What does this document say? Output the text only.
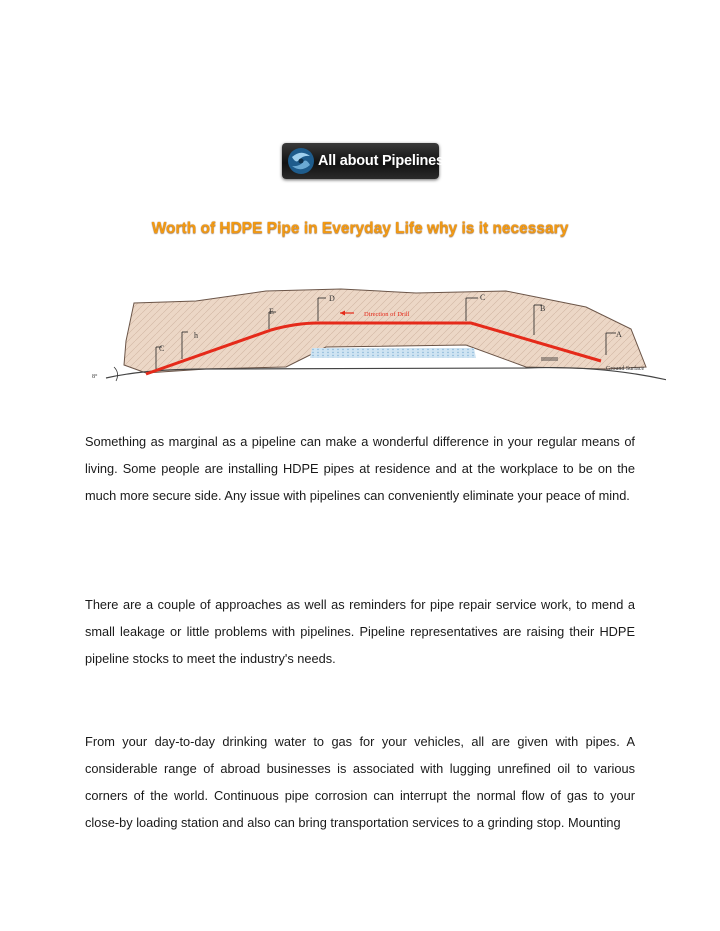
All about Pipelines
Worth of HDPE Pipe in Everyday Life why is it necessary
C
h
E
D
Direction of Drill
C
B
A
Ground Surface
8°

Something as marginal as a pipeline can make a wonderful difference in your regular means of living. Some people are installing HDPE pipes at residence and at the workplace to be on the much more secure side. Any issue with pipelines can conveniently eliminate your peace of mind.

There are a couple of approaches as well as reminders for pipe repair service work, to mend a small leakage or little problems with pipelines. Pipeline representatives are raising their HDPE pipeline stocks to meet the industry's needs.

From your day-to-day drinking water to gas for your vehicles, all are given with pipes. A considerable range of abroad businesses is associated with lugging unrefined oil to various corners of the world. Continuous pipe corrosion can interrupt the normal flow of gas to your close-by loading station and also can bring transportation services to a grinding stop. Mounting
